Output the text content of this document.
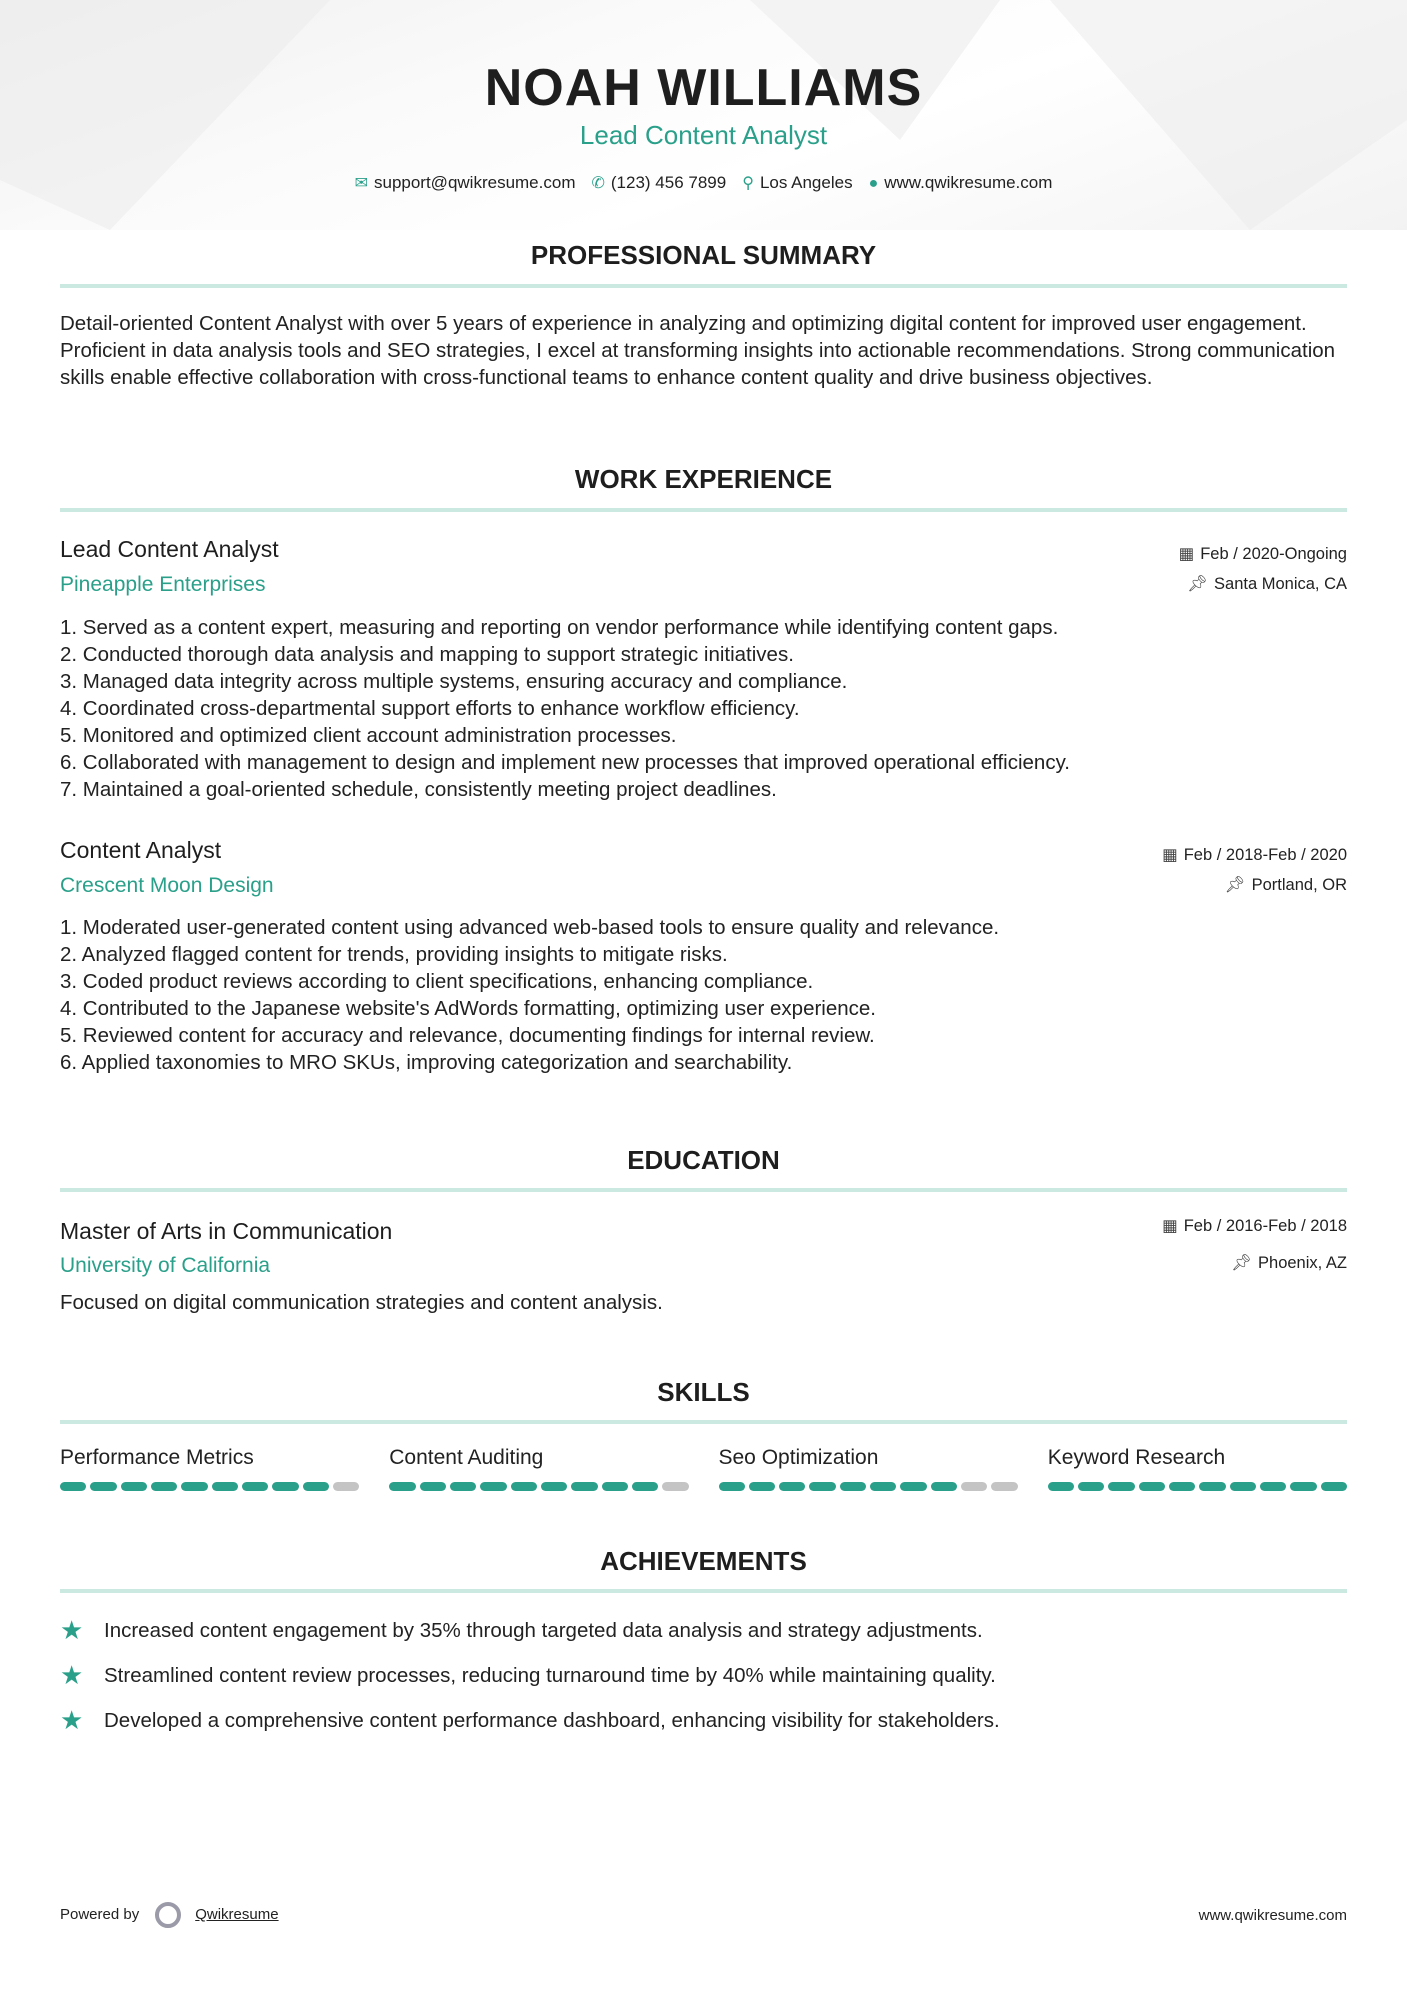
NOAH WILLIAMS
Lead Content Analyst
✉ support@qwikresume.com ✆ (123) 456 7899 ⚲ Los Angeles ● www.qwikresume.com
PROFESSIONAL SUMMARY
Detail-oriented Content Analyst with over 5 years of experience in analyzing and optimizing digital content for improved user engagement. Proficient in data analysis tools and SEO strategies, I excel at transforming insights into actionable recommendations. Strong communication skills enable effective collaboration with cross-functional teams to enhance content quality and drive business objectives.
WORK EXPERIENCE
Lead Content Analyst	▦ Feb / 2020-Ongoing
Pineapple Enterprises	📌︎ Santa Monica, CA
1. Served as a content expert, measuring and reporting on vendor performance while identifying content gaps.
2. Conducted thorough data analysis and mapping to support strategic initiatives.
3. Managed data integrity across multiple systems, ensuring accuracy and compliance.
4. Coordinated cross-departmental support efforts to enhance workflow efficiency.
5. Monitored and optimized client account administration processes.
6. Collaborated with management to design and implement new processes that improved operational efficiency.
7. Maintained a goal-oriented schedule, consistently meeting project deadlines.
Content Analyst	▦ Feb / 2018-Feb / 2020
Crescent Moon Design	📌︎ Portland, OR
1. Moderated user-generated content using advanced web-based tools to ensure quality and relevance.
2. Analyzed flagged content for trends, providing insights to mitigate risks.
3. Coded product reviews according to client specifications, enhancing compliance.
4. Contributed to the Japanese website's AdWords formatting, optimizing user experience.
5. Reviewed content for accuracy and relevance, documenting findings for internal review.
6. Applied taxonomies to MRO SKUs, improving categorization and searchability.
EDUCATION
Master of Arts in Communication	▦ Feb / 2016-Feb / 2018
University of California	📌︎ Phoenix, AZ
Focused on digital communication strategies and content analysis.
SKILLS
Performance Metrics	Content Auditing	Seo Optimization	Keyword Research
ACHIEVEMENTS
★	Increased content engagement by 35% through targeted data analysis and strategy adjustments.
★	Streamlined content review processes, reducing turnaround time by 40% while maintaining quality.
★	Developed a comprehensive content performance dashboard, enhancing visibility for stakeholders.
Powered by	Qwikresume	www.qwikresume.com
